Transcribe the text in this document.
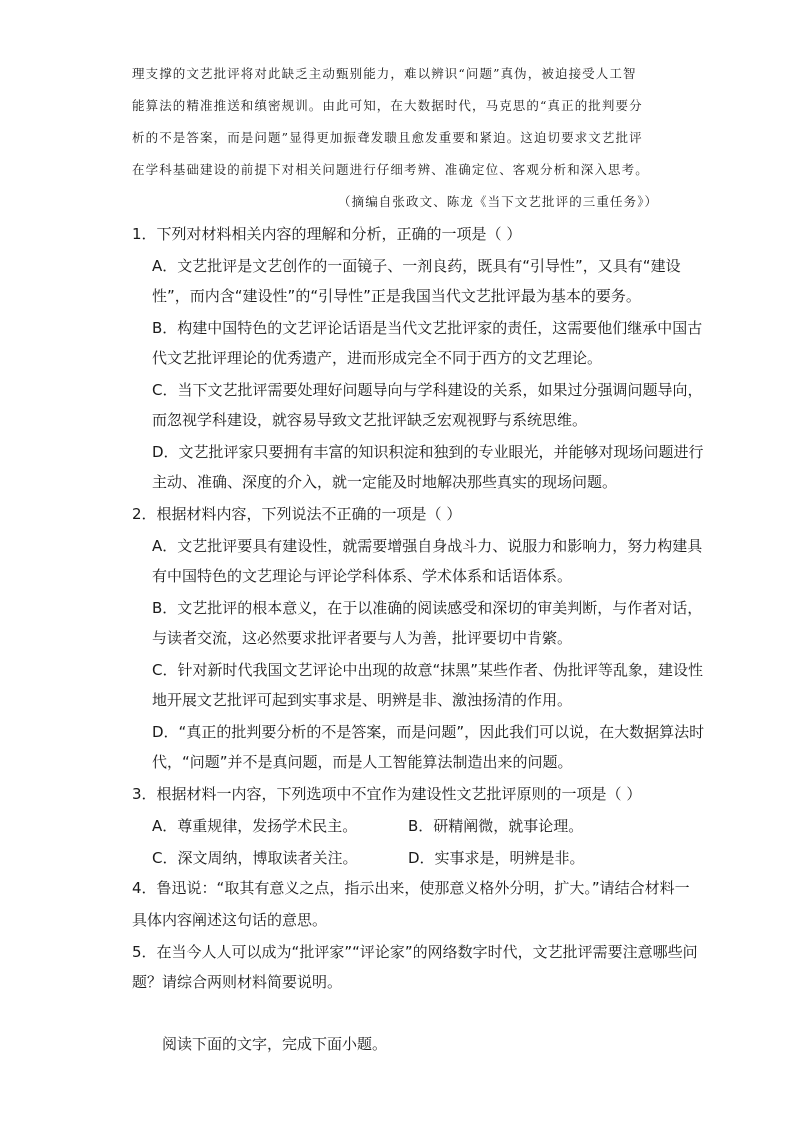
理支撑的文艺批评将对此缺乏主动甄别能力，难以辨识“问题”真伪，被迫接受人工智
能算法的精准推送和缜密规训。由此可知，在大数据时代，马克思的“真正的批判要分
析的不是答案，而是问题”显得更加振聋发聩且愈发重要和紧迫。这迫切要求文艺批评
在学科基础建设的前提下对相关问题进行仔细考辨、准确定位、客观分析和深入思考。
（摘编自张政文、陈龙《当下文艺批评的三重任务》）
1．下列对材料相关内容的理解和分析，正确的一项是（ ）
A．文艺批评是文艺创作的一面镜子、一剂良药，既具有“引导性”，又具有“建设
性”，而内含“建设性”的“引导性”正是我国当代文艺批评最为基本的要务。
B．构建中国特色的文艺评论话语是当代文艺批评家的责任，这需要他们继承中国古
代文艺批评理论的优秀遗产，进而形成完全不同于西方的文艺理论。
C．当下文艺批评需要处理好问题导向与学科建设的关系，如果过分强调问题导向，
而忽视学科建设，就容易导致文艺批评缺乏宏观视野与系统思维。
D．文艺批评家只要拥有丰富的知识积淀和独到的专业眼光，并能够对现场问题进行
主动、准确、深度的介入，就一定能及时地解决那些真实的现场问题。
2．根据材料内容，下列说法不正确的一项是（ ）
A．文艺批评要具有建设性，就需要增强自身战斗力、说服力和影响力，努力构建具
有中国特色的文艺理论与评论学科体系、学术体系和话语体系。
B．文艺批评的根本意义，在于以准确的阅读感受和深切的审美判断，与作者对话，
与读者交流，这必然要求批评者要与人为善，批评要切中肯綮。
C．针对新时代我国文艺评论中出现的故意“抹黑”某些作者、伪批评等乱象，建设性
地开展文艺批评可起到实事求是、明辨是非、激浊扬清的作用。
D．“真正的批判要分析的不是答案，而是问题”，因此我们可以说，在大数据算法时
代，“问题”并不是真问题，而是人工智能算法制造出来的问题。
3．根据材料一内容，下列选项中不宜作为建设性文艺批评原则的一项是（ ）
A．尊重规律，发扬学术民主。	B．研精阐微，就事论理。
C．深文周纳，博取读者关注。	D．实事求是，明辨是非。
4．鲁迅说：“取其有意义之点，指示出来，使那意义格外分明，扩大。”请结合材料一
具体内容阐述这句话的意思。
5．在当今人人可以成为“批评家”“评论家”的网络数字时代，文艺批评需要注意哪些问
题？请综合两则材料简要说明。
阅读下面的文字，完成下面小题。
